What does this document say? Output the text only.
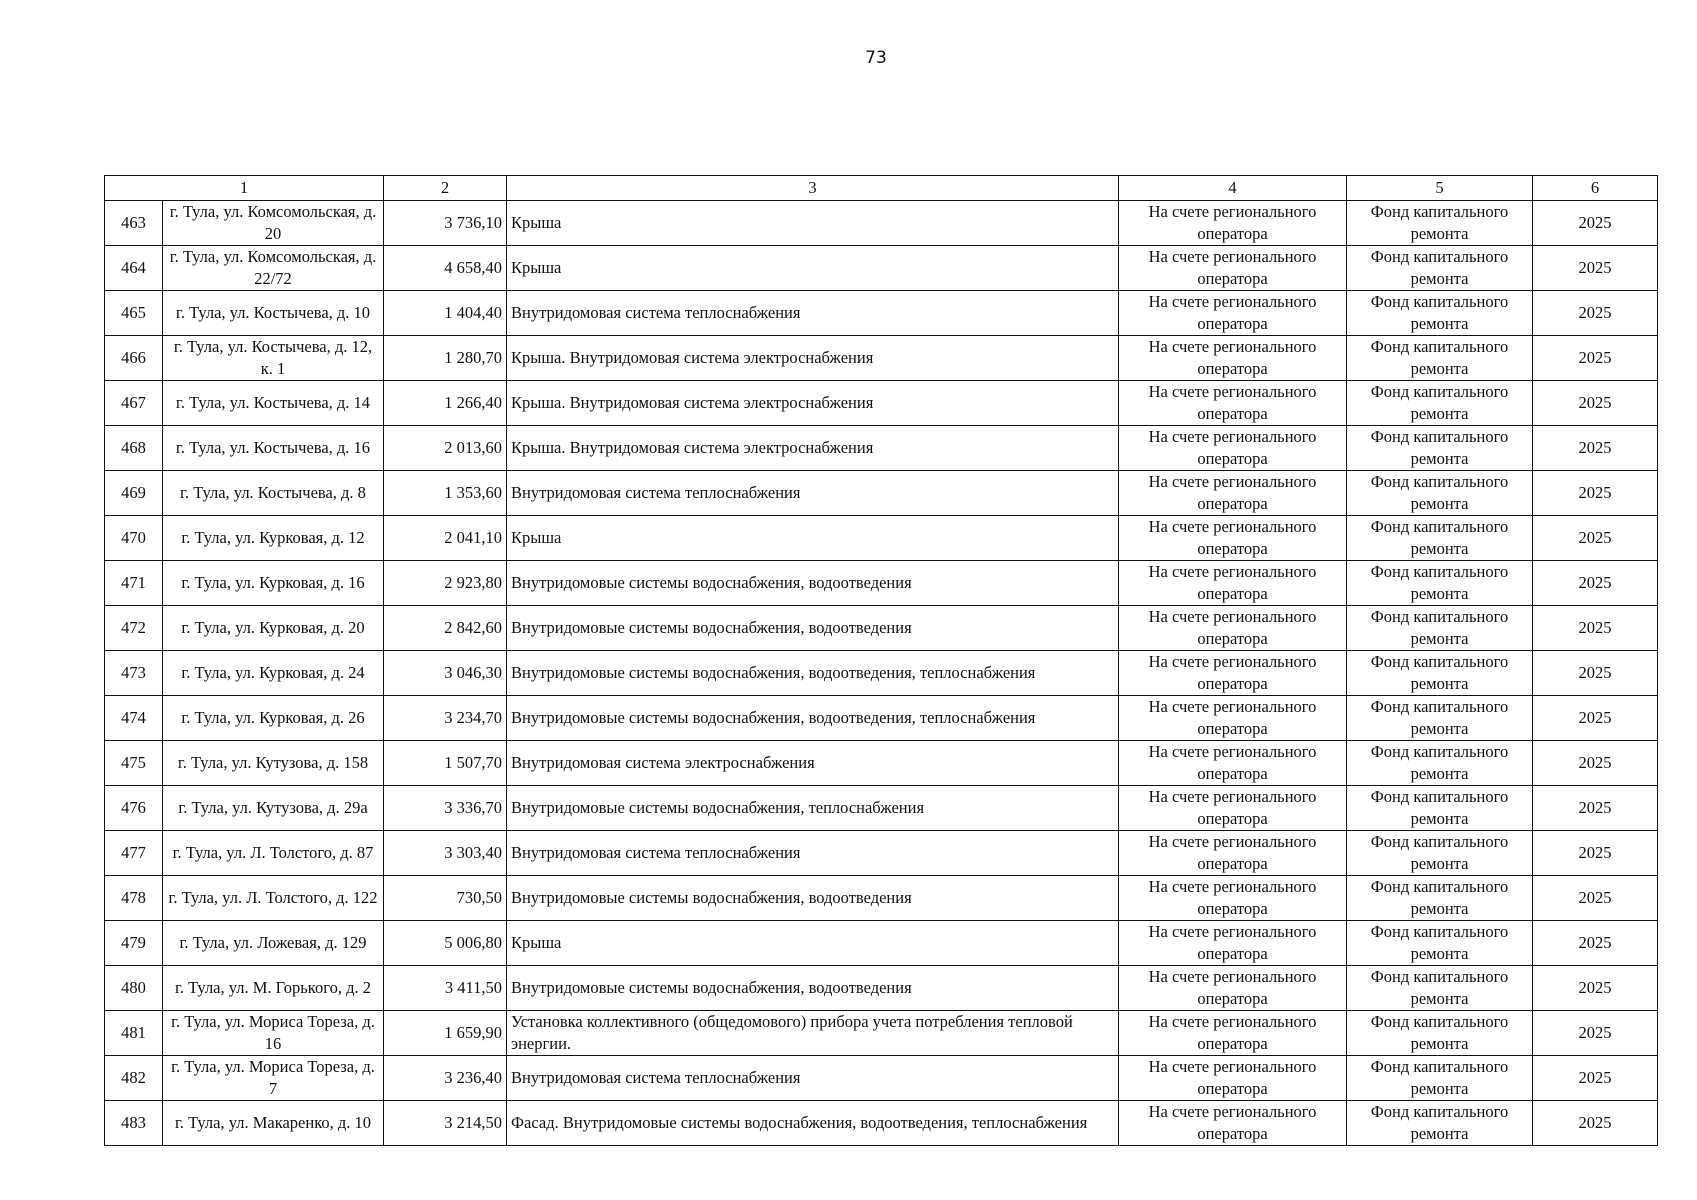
73
1		2	3	4	5	6
463	г. Тула, ул. Комсомольская, д. 20	3 736,10	Крыша	На счете регионального оператора	Фонд капитального ремонта	2025
464	г. Тула, ул. Комсомольская, д. 22/72	4 658,40	Крыша	На счете регионального оператора	Фонд капитального ремонта	2025
465	г. Тула, ул. Костычева, д. 10	1 404,40	Внутридомовая система теплоснабжения	На счете регионального оператора	Фонд капитального ремонта	2025
466	г. Тула, ул. Костычева, д. 12, к. 1	1 280,70	Крыша. Внутридомовая система электроснабжения	На счете регионального оператора	Фонд капитального ремонта	2025
467	г. Тула, ул. Костычева, д. 14	1 266,40	Крыша. Внутридомовая система электроснабжения	На счете регионального оператора	Фонд капитального ремонта	2025
468	г. Тула, ул. Костычева, д. 16	2 013,60	Крыша. Внутридомовая система электроснабжения	На счете регионального оператора	Фонд капитального ремонта	2025
469	г. Тула, ул. Костычева, д. 8	1 353,60	Внутридомовая система теплоснабжения	На счете регионального оператора	Фонд капитального ремонта	2025
470	г. Тула, ул. Курковая, д. 12	2 041,10	Крыша	На счете регионального оператора	Фонд капитального ремонта	2025
471	г. Тула, ул. Курковая, д. 16	2 923,80	Внутридомовые системы водоснабжения, водоотведения	На счете регионального оператора	Фонд капитального ремонта	2025
472	г. Тула, ул. Курковая, д. 20	2 842,60	Внутридомовые системы водоснабжения, водоотведения	На счете регионального оператора	Фонд капитального ремонта	2025
473	г. Тула, ул. Курковая, д. 24	3 046,30	Внутридомовые системы водоснабжения, водоотведения, теплоснабжения	На счете регионального оператора	Фонд капитального ремонта	2025
474	г. Тула, ул. Курковая, д. 26	3 234,70	Внутридомовые системы водоснабжения, водоотведения, теплоснабжения	На счете регионального оператора	Фонд капитального ремонта	2025
475	г. Тула, ул. Кутузова, д. 158	1 507,70	Внутридомовая система электроснабжения	На счете регионального оператора	Фонд капитального ремонта	2025
476	г. Тула, ул. Кутузова, д. 29а	3 336,70	Внутридомовые системы водоснабжения, теплоснабжения	На счете регионального оператора	Фонд капитального ремонта	2025
477	г. Тула, ул. Л. Толстого, д. 87	3 303,40	Внутридомовая система теплоснабжения	На счете регионального оператора	Фонд капитального ремонта	2025
478	г. Тула, ул. Л. Толстого, д. 122	730,50	Внутридомовые системы водоснабжения, водоотведения	На счете регионального оператора	Фонд капитального ремонта	2025
479	г. Тула, ул. Ложевая, д. 129	5 006,80	Крыша	На счете регионального оператора	Фонд капитального ремонта	2025
480	г. Тула, ул. М. Горького, д. 2	3 411,50	Внутридомовые системы водоснабжения, водоотведения	На счете регионального оператора	Фонд капитального ремонта	2025
481	г. Тула, ул. Мориса Тореза, д. 16	1 659,90	Установка коллективного (общедомового) прибора учета потребления тепловой энергии.	На счете регионального оператора	Фонд капитального ремонта	2025
482	г. Тула, ул. Мориса Тореза, д. 7	3 236,40	Внутридомовая система теплоснабжения	На счете регионального оператора	Фонд капитального ремонта	2025
483	г. Тула, ул. Макаренко, д. 10	3 214,50	Фасад. Внутридомовые системы водоснабжения, водоотведения, теплоснабжения	На счете регионального оператора	Фонд капитального ремонта	2025
